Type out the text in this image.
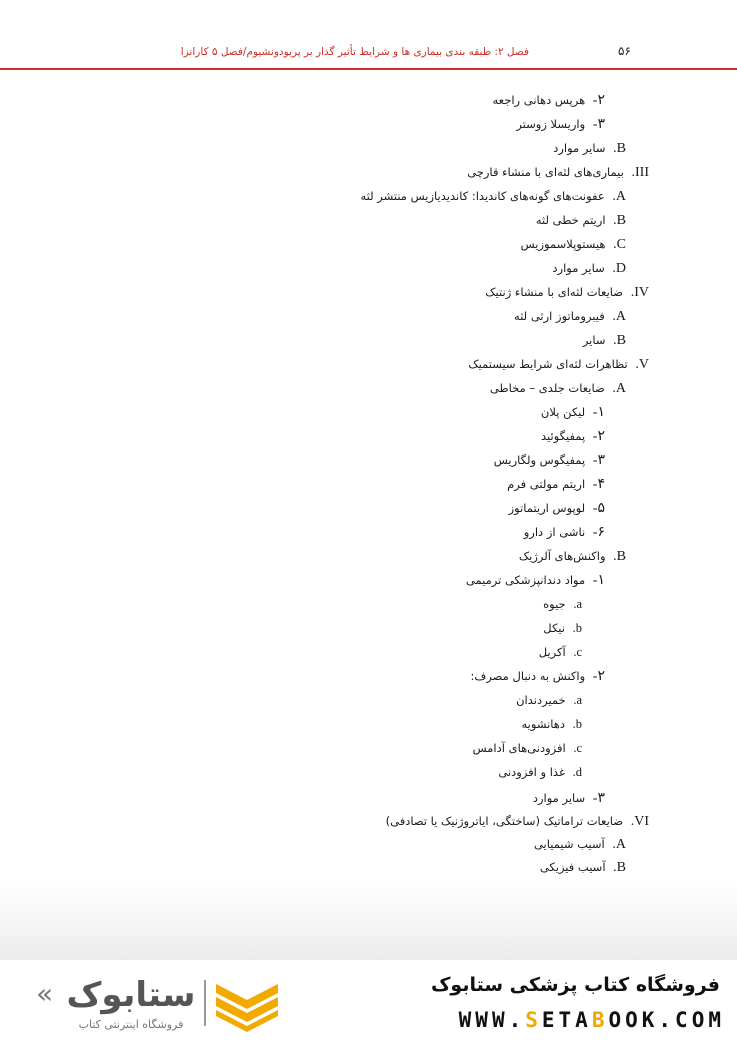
۵۶
فصل ۲: طبقه بندی بیماری ها و شرایط تأثیر گذار بر پریودونشیوم/فصل ۵ کارانزا
۲-  هرپس دهانی راجعه
۳-  واریسلا زوستر
B.  سایر موارد
III.  بیماری‌های لثه‌ای با منشاء قارچی
A.  عفونت‌های گونه‌های کاندیدا: کاندیدیازیس منتشر لثه
B.  اریتم خطی لثه
C.  هیستوپلاسموزیس
D.  سایر موارد
IV.  ضایعات لثه‌ای با منشاء ژنتیک
A.  فیبروماتوز ارثی لثه
B.  سایر
V.  تظاهرات لثه‌ای شرایط سیستمیک
A.  ضایعات جلدی – مخاطی
۱-  لیکن پلان
۲-  پمفیگوئید
۳-  پمفیگوس ولگاریس
۴-  اریتم مولتی فرم
۵-  لوپوس اریتماتوز
۶-  ناشی از دارو
B.  واکنش‌های آلرژیک
۱-  مواد دندانپزشکی ترمیمی
a.  جیوه
b.  نیکل
c.  آکریل
۲-  واکنش به دنبال مصرف:
a.  خمیردندان
b.  دهانشویه
c.  افزودنی‌های آدامس
d.  غذا و افزودنی
۳-  سایر موارد
VI.  ضایعات تراماتیک (ساختگی، ایاتروژنیک یا تصادفی)
A.  آسیب شیمیایی
B.  آسیب فیزیکی

« ستابوک
فروشگاه اینترنتی کتاب
فروشگاه کتاب پزشکی ستابوک
WWW.SETABOOK.COM
